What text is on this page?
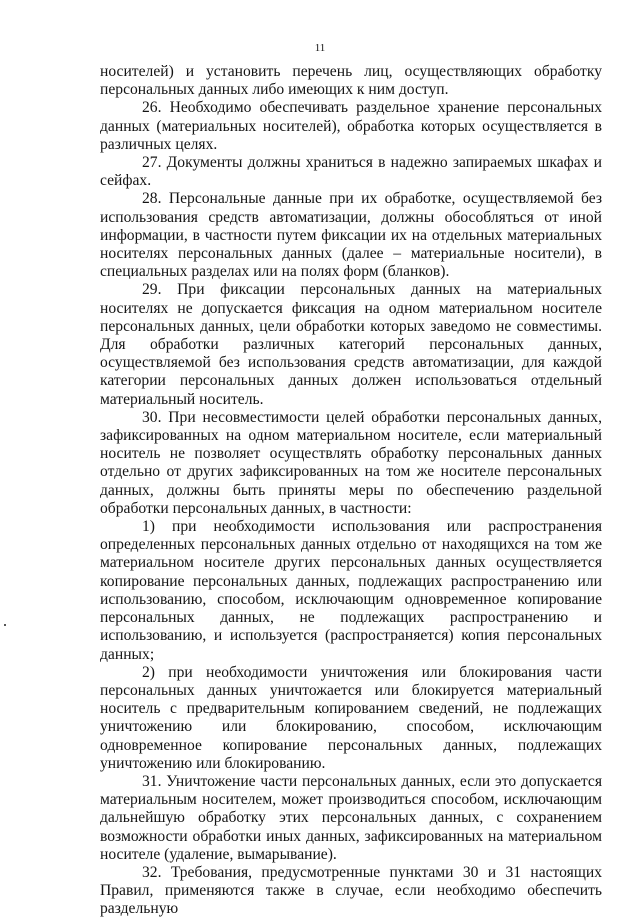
11

носителей) и установить перечень лиц, осуществляющих обработку персональных данных либо имеющих к ним доступ.

26. Необходимо обеспечивать раздельное хранение персональных данных (материальных носителей), обработка которых осуществляется в различных целях.

27. Документы должны храниться в надежно запираемых шкафах и сейфах.

28. Персональные данные при их обработке, осуществляемой без использования средств автоматизации, должны обособляться от иной информации, в частности путем фиксации их на отдельных материальных носителях персональных данных (далее – материальные носители), в специальных разделах или на полях форм (бланков).

29. При фиксации персональных данных на материальных носителях не допускается фиксация на одном материальном носителе персональных данных, цели обработки которых заведомо не совместимы. Для обработки различных категорий персональных данных, осуществляемой без использования средств автоматизации, для каждой категории персональных данных должен использоваться отдельный материальный носитель.

30. При несовместимости целей обработки персональных данных, зафиксированных на одном материальном носителе, если материальный носитель не позволяет осуществлять обработку персональных данных отдельно от других зафиксированных на том же носителе персональных данных, должны быть приняты меры по обеспечению раздельной обработки персональных данных, в частности:

1) при необходимости использования или распространения определенных персональных данных отдельно от находящихся на том же материальном носителе других персональных данных осуществляется копирование персональных данных, подлежащих распространению или использованию, способом, исключающим одновременное копирование персональных данных, не подлежащих распространению и использованию, и используется (распространяется) копия персональных данных;

2) при необходимости уничтожения или блокирования части персональных данных уничтожается или блокируется материальный носитель с предварительным копированием сведений, не подлежащих уничтожению или блокированию, способом, исключающим одновременное копирование персональных данных, подлежащих уничтожению или блокированию.

31. Уничтожение части персональных данных, если это допускается материальным носителем, может производиться способом, исключающим дальнейшую обработку этих персональных данных, с сохранением возможности обработки иных данных, зафиксированных на материальном носителе (удаление, вымарывание).

32. Требования, предусмотренные пунктами 30 и 31 настоящих Правил, применяются также в случае, если необходимо обеспечить раздельную
